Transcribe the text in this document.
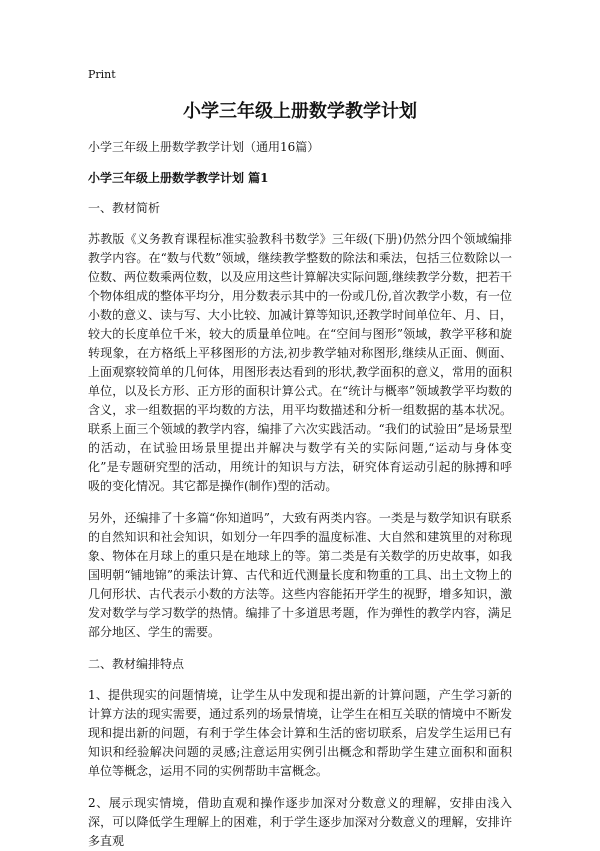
Print
小学三年级上册数学教学计划
小学三年级上册数学教学计划（通用16篇）
小学三年级上册数学教学计划 篇1
一、教材简析

苏教版《义务教育课程标准实验教科书数学》三年级(下册)仍然分四个领域编排教学内容。在“数与代数”领域，继续教学整数的除法和乘法，包括三位数除以一位数、两位数乘两位数，以及应用这些计算解决实际问题,继续教学分数，把若干个物体组成的整体平均分，用分数表示其中的一份或几份,首次教学小数，有一位小数的意义、读与写、大小比较、加减计算等知识,还教学时间单位年、月、日，较大的长度单位千米，较大的质量单位吨。在“空间与图形”领域，教学平移和旋转现象，在方格纸上平移图形的方法,初步教学轴对称图形,继续从正面、侧面、上面观察较简单的几何体，用图形表达看到的形状,教学面积的意义，常用的面积单位，以及长方形、正方形的面积计算公式。在“统计与概率”领域教学平均数的含义，求一组数据的平均数的方法，用平均数描述和分析一组数据的基本状况。联系上面三个领域的教学内容，编排了六次实践活动。“我们的试验田”是场景型的活动，在试验田场景里提出并解决与数学有关的实际问题,“运动与身体变化”是专题研究型的活动，用统计的知识与方法，研究体育运动引起的脉搏和呼吸的变化情况。其它都是操作(制作)型的活动。

另外，还编排了十多篇“你知道吗”，大致有两类内容。一类是与数学知识有联系的自然知识和社会知识，如划分一年四季的温度标准、大自然和建筑里的对称现象、物体在月球上的重只是在地球上的等。第二类是有关数学的历史故事，如我国明朝“铺地锦”的乘法计算、古代和近代测量长度和物重的工具、出土文物上的几何形状、古代表示小数的方法等。这些内容能拓开学生的视野，增多知识，激发对数学与学习数学的热情。编排了十多道思考题，作为弹性的教学内容，满足部分地区、学生的需要。

二、教材编排特点

1、提供现实的问题情境，让学生从中发现和提出新的计算问题，产生学习新的计算方法的现实需要，通过系列的场景情境，让学生在相互关联的情境中不断发现和提出新的问题，有利于学生体会计算和生活的密切联系，启发学生运用已有知识和经验解决问题的灵感;注意运用实例引出概念和帮助学生建立面积和面积单位等概念，运用不同的实例帮助丰富概念。

2、展示现实情境，借助直观和操作逐步加深对分数意义的理解，安排由浅入深，可以降低学生理解上的困难，利于学生逐步加深对分数意义的理解，安排许多直观
